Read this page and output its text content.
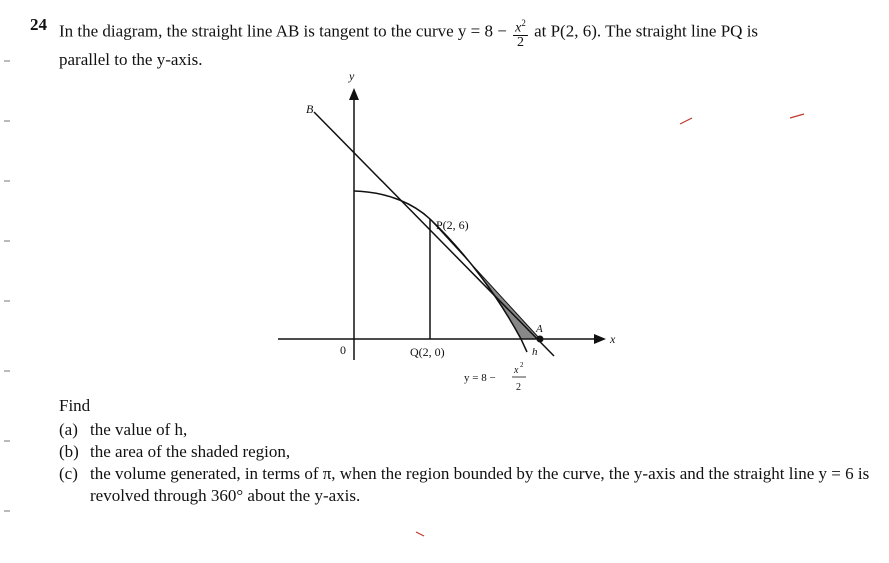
24 In the diagram, the straight line AB is tangent to the curve $y = 8 - \frac{x^2}{2}$ at P(2, 6). The straight line PQ is
parallel to the y-axis.
y
x
0
B
A
P(2, 6)
Q(2, 0)	h
y = 8 −
x 2
2
Find
(a) the value of h,
(b) the area of the shaded region,
(c) the volume generated, in terms of π, when the region bounded by the curve, the y-axis and the straight line y = 6 is revolved through 360° about the y-axis.
